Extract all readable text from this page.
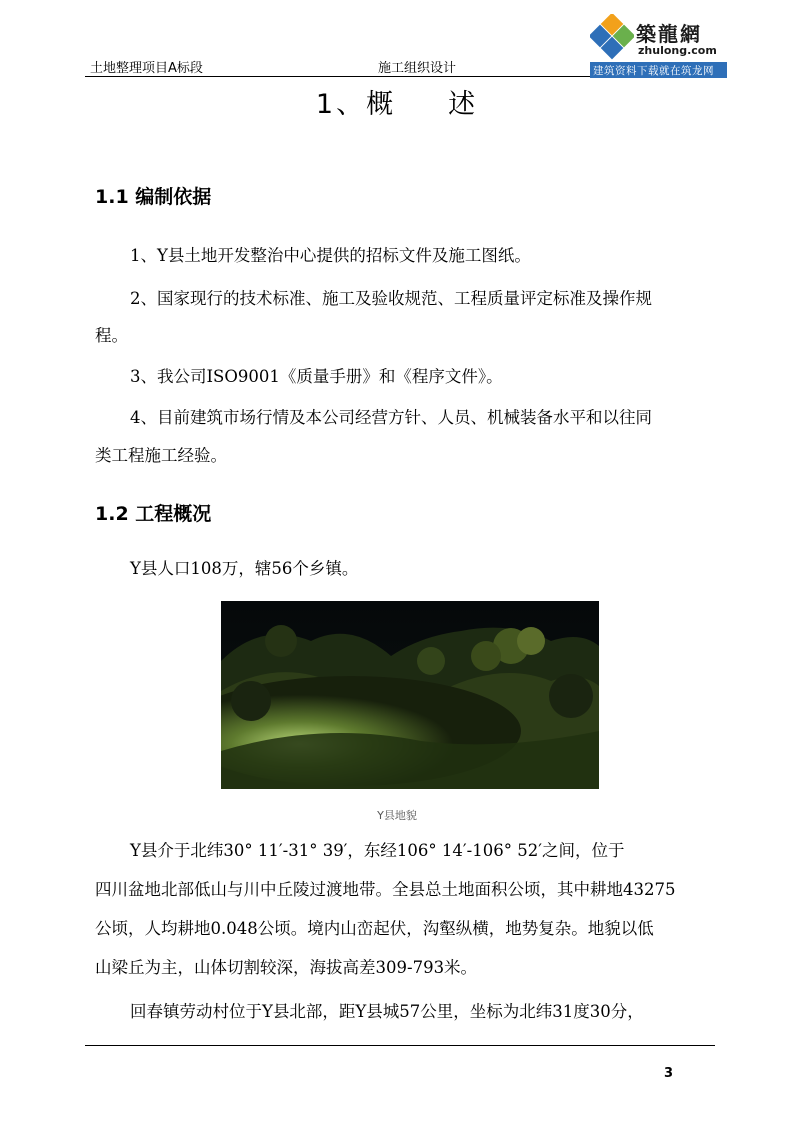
土地整理项目A标段	施工组织设计
築龍網
zhulong.com
建筑资料下载就在筑龙网
1、概 述
1.1 编制依据
1、Y县土地开发整治中心提供的招标文件及施工图纸。
2、国家现行的技术标准、施工及验收规范、工程质量评定标准及操作规
程。
3、我公司ISO9001《质量手册》和《程序文件》。
4、目前建筑市场行情及本公司经营方针、人员、机械装备水平和以往同
类工程施工经验。
1.2 工程概况
Y县人口108万，辖56个乡镇。
Y县地貌
Y县介于北纬30° 11′-31° 39′，东经106° 14′-106° 52′之间，位于
四川盆地北部低山与川中丘陵过渡地带。全县总土地面积公顷，其中耕地43275
公顷，人均耕地0.048公顷。境内山峦起伏，沟壑纵横，地势复杂。地貌以低
山梁丘为主，山体切割较深，海拔高差309-793米。
回春镇劳动村位于Y县北部，距Y县城57公里，坐标为北纬31度30分，
3
